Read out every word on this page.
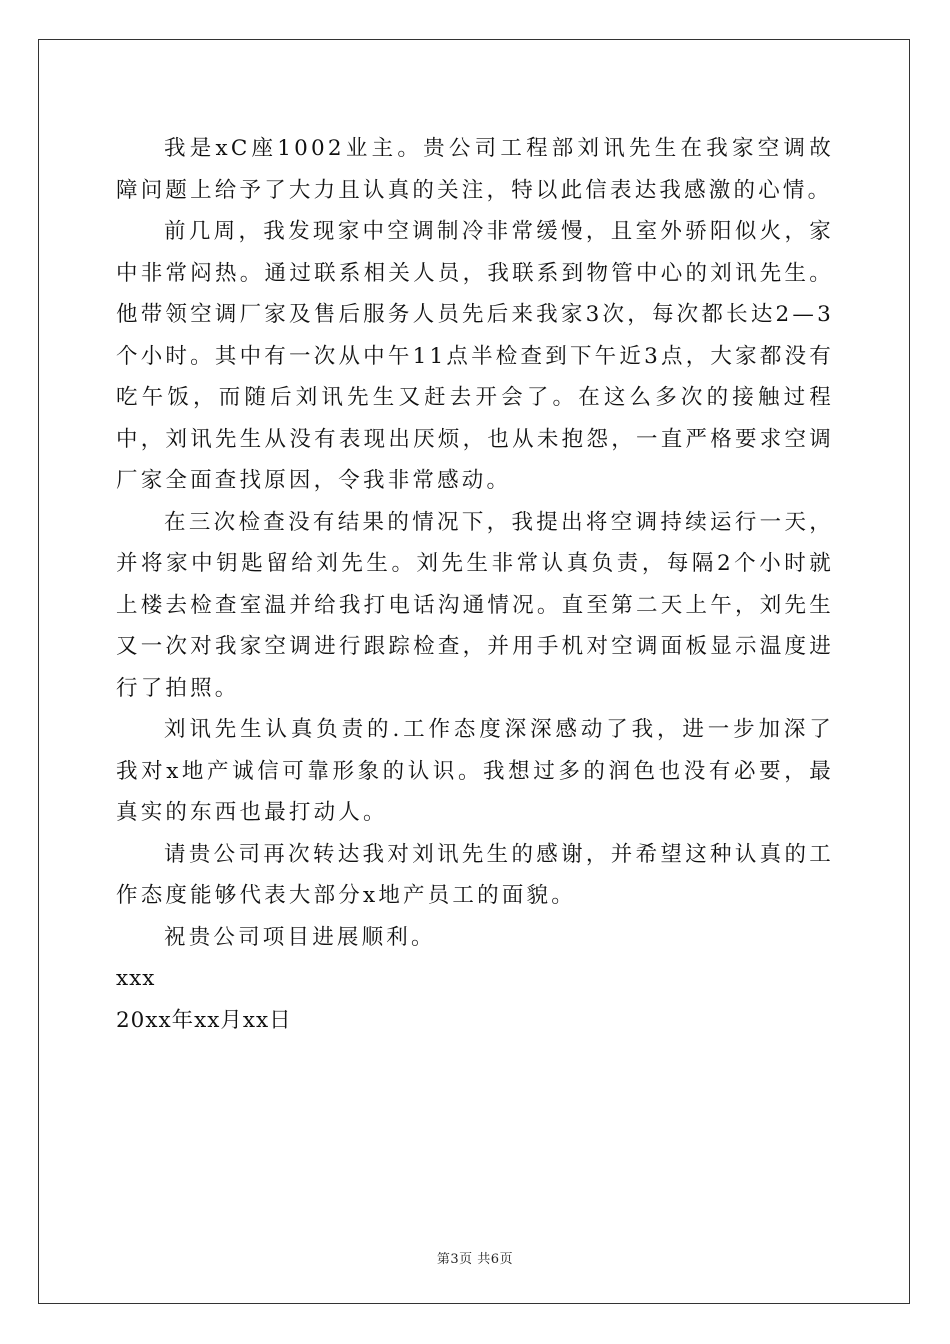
我是xC座1002业主。贵公司工程部刘讯先生在我家空调故障问题上给予了大力且认真的关注，特以此信表达我感激的心情。

前几周，我发现家中空调制冷非常缓慢，且室外骄阳似火，家中非常闷热。通过联系相关人员，我联系到物管中心的刘讯先生。他带领空调厂家及售后服务人员先后来我家3次，每次都长达2—3个小时。其中有一次从中午11点半检查到下午近3点，大家都没有吃午饭，而随后刘讯先生又赶去开会了。在这么多次的接触过程中，刘讯先生从没有表现出厌烦，也从未抱怨，一直严格要求空调厂家全面查找原因，令我非常感动。

在三次检查没有结果的情况下，我提出将空调持续运行一天，并将家中钥匙留给刘先生。刘先生非常认真负责，每隔2个小时就上楼去检查室温并给我打电话沟通情况。直至第二天上午，刘先生又一次对我家空调进行跟踪检查，并用手机对空调面板显示温度进行了拍照。

刘讯先生认真负责的.工作态度深深感动了我，进一步加深了我对x地产诚信可靠形象的认识。我想过多的润色也没有必要，最真实的东西也最打动人。

请贵公司再次转达我对刘讯先生的感谢，并希望这种认真的工作态度能够代表大部分x地产员工的面貌。

祝贵公司项目进展顺利。

xxx

20xx年xx月xx日

第3页 共6页
